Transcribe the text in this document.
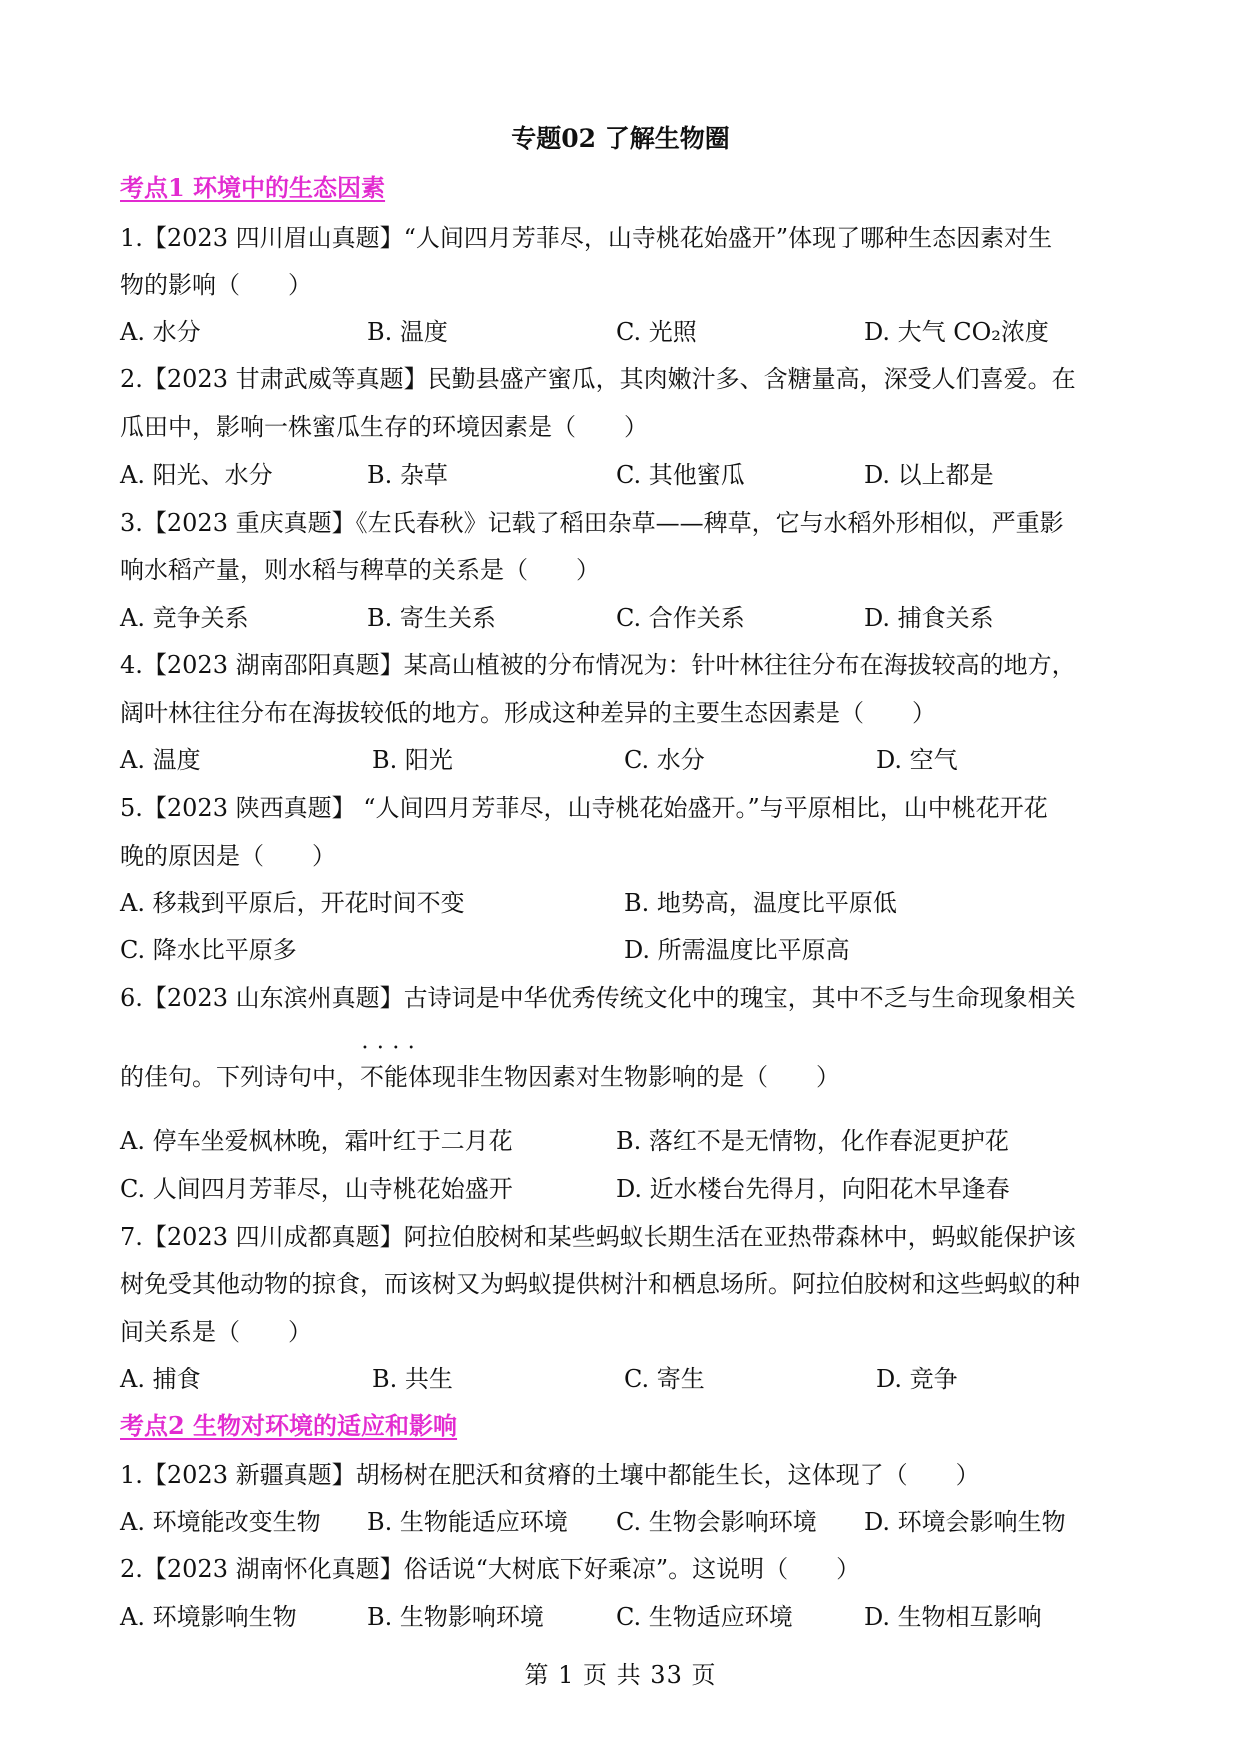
专题02 了解生物圈
考点1 环境中的生态因素
1.【2023 四川眉山真题】“人间四月芳菲尽，山寺桃花始盛开”体现了哪种生态因素对生
物的影响（　　）
A. 水分	B. 温度	C. 光照	D. 大气 CO₂浓度
2.【2023 甘肃武威等真题】民勤县盛产蜜瓜，其肉嫩汁多、含糖量高，深受人们喜爱。在
瓜田中，影响一株蜜瓜生存的环境因素是（　　）
A. 阳光、水分	B. 杂草	C. 其他蜜瓜	D. 以上都是
3.【2023 重庆真题】《左氏春秋》记载了稻田杂草——稗草，它与水稻外形相似，严重影
响水稻产量，则水稻与稗草的关系是（　　）
A. 竞争关系	B. 寄生关系	C. 合作关系	D. 捕食关系
4.【2023 湖南邵阳真题】某高山植被的分布情况为：针叶林往往分布在海拔较高的地方，
阔叶林往往分布在海拔较低的地方。形成这种差异的主要生态因素是（　　）
A. 温度	B. 阳光	C. 水分	D. 空气
5.【2023 陕西真题】 “人间四月芳菲尽，山寺桃花始盛开。”与平原相比，山中桃花开花
晚的原因是（　　）
A. 移栽到平原后，开花时间不变	B. 地势高，温度比平原低
C. 降水比平原多	D. 所需温度比平原高
6.【2023 山东滨州真题】古诗词是中华优秀传统文化中的瑰宝，其中不乏与生命现象相关
的佳句。下列诗句中，• • 不能体现非生物因素对生物影响的是（　　）
A. 停车坐爱枫林晚，霜叶红于二月花	B. 落红不是无情物，化作春泥更护花
C. 人间四月芳菲尽，山寺桃花始盛开	D. 近水楼台先得月，向阳花木早逢春
7.【2023 四川成都真题】阿拉伯胶树和某些蚂蚁长期生活在亚热带森林中，蚂蚁能保护该
树免受其他动物的掠食，而该树又为蚂蚁提供树汁和栖息场所。阿拉伯胶树和这些蚂蚁的种
间关系是（　　）
A. 捕食	B. 共生	C. 寄生	D. 竞争
考点2 生物对环境的适应和影响
1.【2023 新疆真题】胡杨树在肥沃和贫瘠的土壤中都能生长，这体现了（　　）
A. 环境能改变生物 B. 生物能适应环境 C. 生物会影响环境 D. 环境会影响生物
2.【2023 湖南怀化真题】俗话说“大树底下好乘凉”。这说明（　　）
A. 环境影响生物	B. 生物影响环境	C. 生物适应环境	D. 生物相互影响
第 1 页 共 33 页
